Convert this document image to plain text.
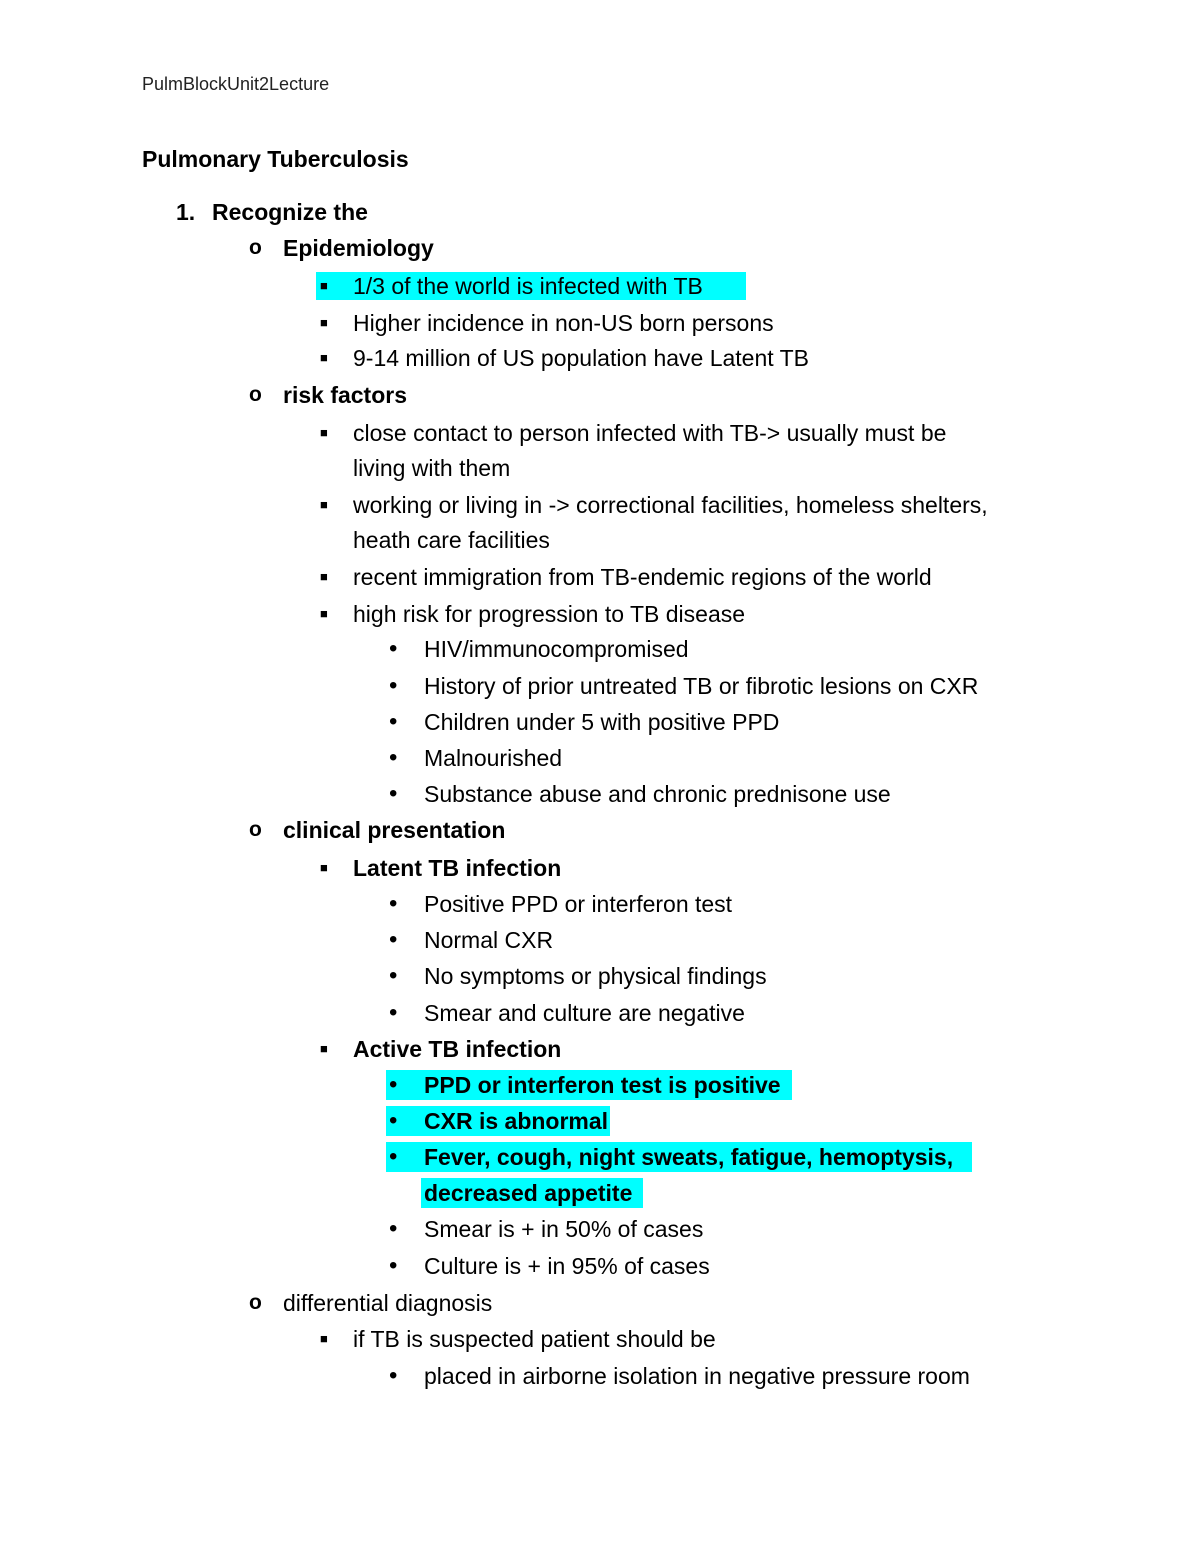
PulmBlockUnit2Lecture
Pulmonary Tuberculosis
1. Recognize the
o Epidemiology
■ 1/3 of the world is infected with TB
■ Higher incidence in non-US born persons
■ 9-14 million of US population have Latent TB
o risk factors
■ close contact to person infected with TB-> usually must be
living with them
■ working or living in -> correctional facilities, homeless shelters,
heath care facilities
■ recent immigration from TB-endemic regions of the world
■ high risk for progression to TB disease
• HIV/immunocompromised
• History of prior untreated TB or fibrotic lesions on CXR
• Children under 5 with positive PPD
• Malnourished
• Substance abuse and chronic prednisone use
o clinical presentation
■ Latent TB infection
• Positive PPD or interferon test
• Normal CXR
• No symptoms or physical findings
• Smear and culture are negative
■ Active TB infection
• PPD or interferon test is positive
• CXR is abnormal
• Fever, cough, night sweats, fatigue, hemoptysis,
decreased appetite
• Smear is + in 50% of cases
• Culture is + in 95% of cases
o differential diagnosis
■ if TB is suspected patient should be
• placed in airborne isolation in negative pressure room
